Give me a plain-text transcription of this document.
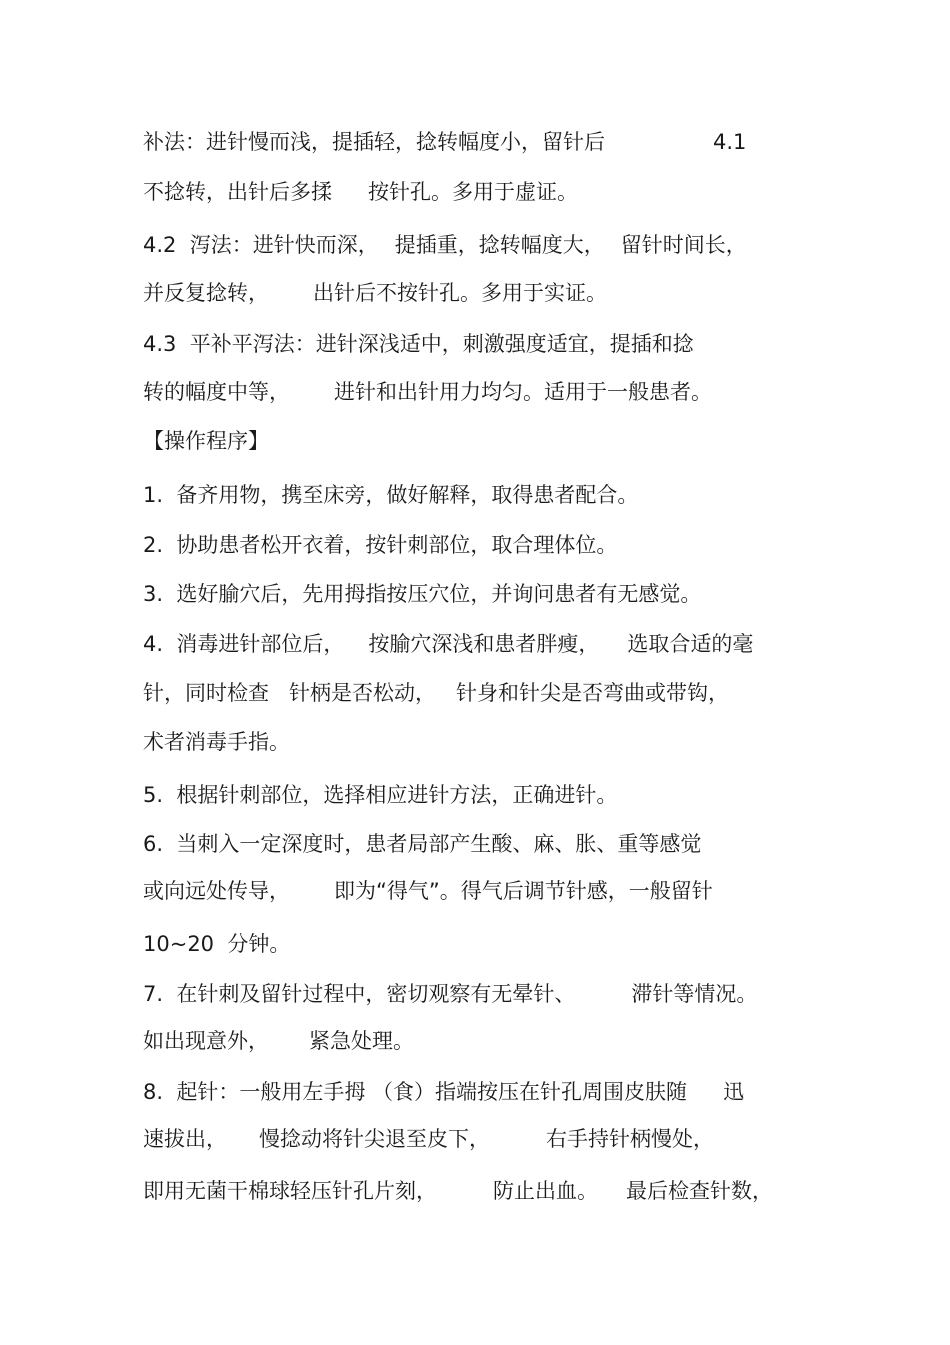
补法：进针慢而浅，提插轻，捻转幅度小，留针后	4.1
不捻转，出针后多揉 按针孔。多用于虚证。
4.2  泻法：进针快而深， 提插重，捻转幅度大， 留针时间长，
并反复捻转， 出针后不按针孔。多用于实证。
4.3  平补平泻法：进针深浅适中，刺激强度适宜，提插和捻
转的幅度中等， 进针和出针用力均匀。适用于一般患者。
【操作程序】
1.  备齐用物，携至床旁，做好解释，取得患者配合。
2.  协助患者松开衣着，按针刺部位，取合理体位。
3.  选好腧穴后，先用拇指按压穴位，并询问患者有无感觉。
4.  消毒进针部位后， 按腧穴深浅和患者胖瘦， 选取合适的毫
针，同时检查 针柄是否松动， 针身和针尖是否弯曲或带钩，
术者消毒手指。
5.  根据针刺部位，选择相应进针方法，正确进针。
6.  当刺入一定深度时，患者局部产生酸、麻、胀、重等感觉
或向远处传导， 即为“得气”。得气后调节针感，一般留针
10~20  分钟。
7.  在针刺及留针过程中，密切观察有无晕针、	滞针等情况。
如出现意外， 紧急处理。
8.  起针：一般用左手拇 （食）指端按压在针孔周围皮肤随 迅
速拔出， 慢捻动将针尖退至皮下，	右手持针柄慢处，
即用无菌干棉球轻压针孔片刻，	防止出血。 最后检查针数，
